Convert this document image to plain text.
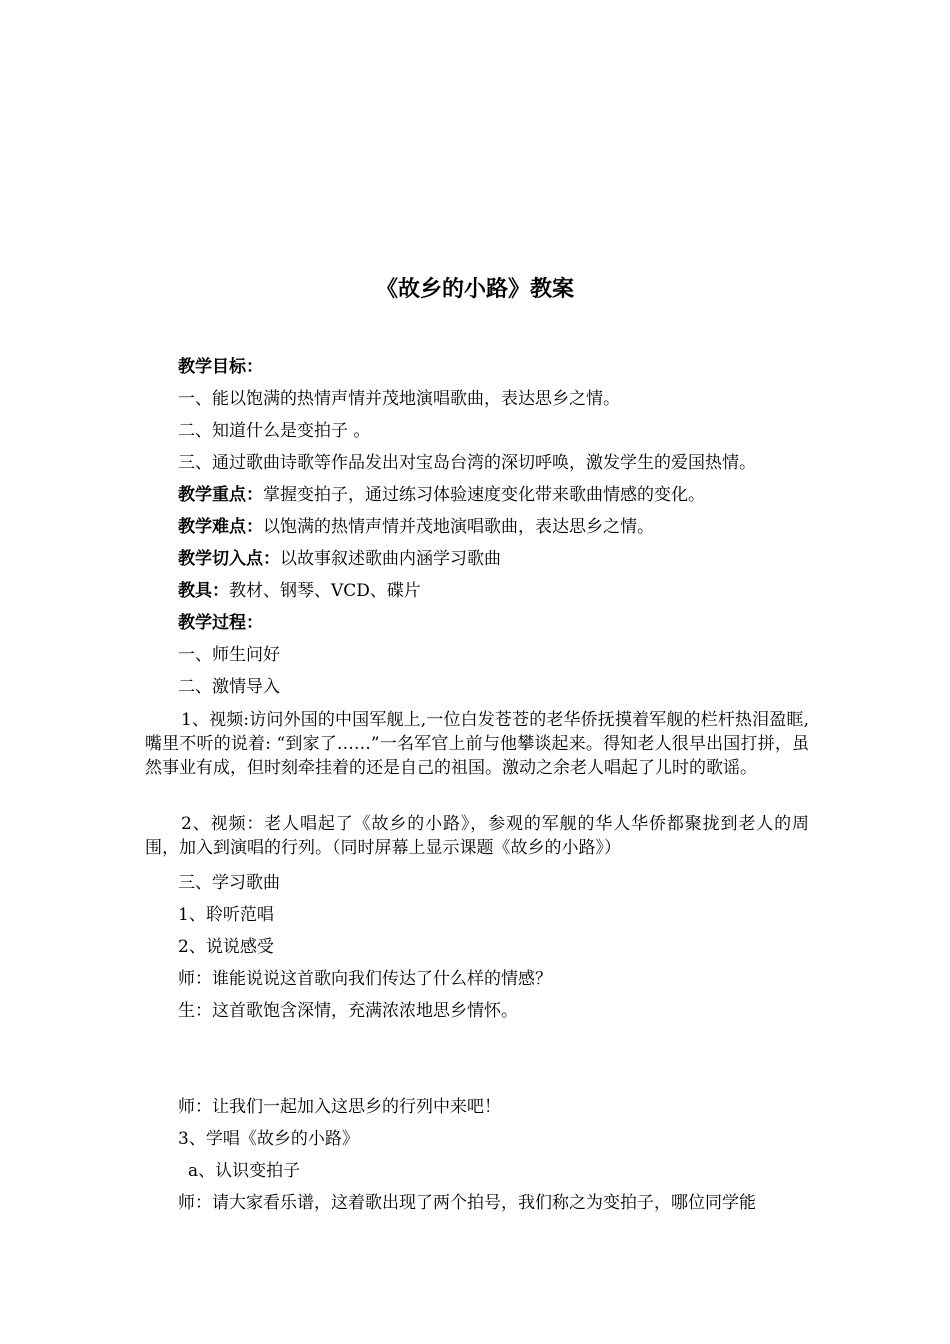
《故乡的小路》教案
教学目标：
一、能以饱满的热情声情并茂地演唱歌曲，表达思乡之情。
二、知道什么是变拍子 。
三、通过歌曲诗歌等作品发出对宝岛台湾的深切呼唤，激发学生的爱国热情。
教学重点：掌握变拍子，通过练习体验速度变化带来歌曲情感的变化。
教学难点：以饱满的热情声情并茂地演唱歌曲，表达思乡之情。
教学切入点：以故事叙述歌曲内涵学习歌曲
教具：教材、钢琴、VCD、碟片
教学过程：
一、师生问好
二、激情导入
1、视频:访问外国的中国军舰上,一位白发苍苍的老华侨抚摸着军舰的栏杆热泪盈眶,嘴里不听的说着: “到家了……”一名军官上前与他攀谈起来。得知老人很早出国打拼，虽然事业有成，但时刻牵挂着的还是自己的祖国。激动之余老人唱起了儿时的歌谣。
2、视频：老人唱起了《故乡的小路》，参观的军舰的华人华侨都聚拢到老人的周围，加入到演唱的行列。（同时屏幕上显示课题《故乡的小路》）
三、学习歌曲
1、聆听范唱
2、说说感受
师：谁能说说这首歌向我们传达了什么样的情感？
生：这首歌饱含深情，充满浓浓地思乡情怀。
师：让我们一起加入这思乡的行列中来吧！
3、学唱《故乡的小路》
a、认识变拍子
师：请大家看乐谱，这着歌出现了两个拍号，我们称之为变拍子，哪位同学能
